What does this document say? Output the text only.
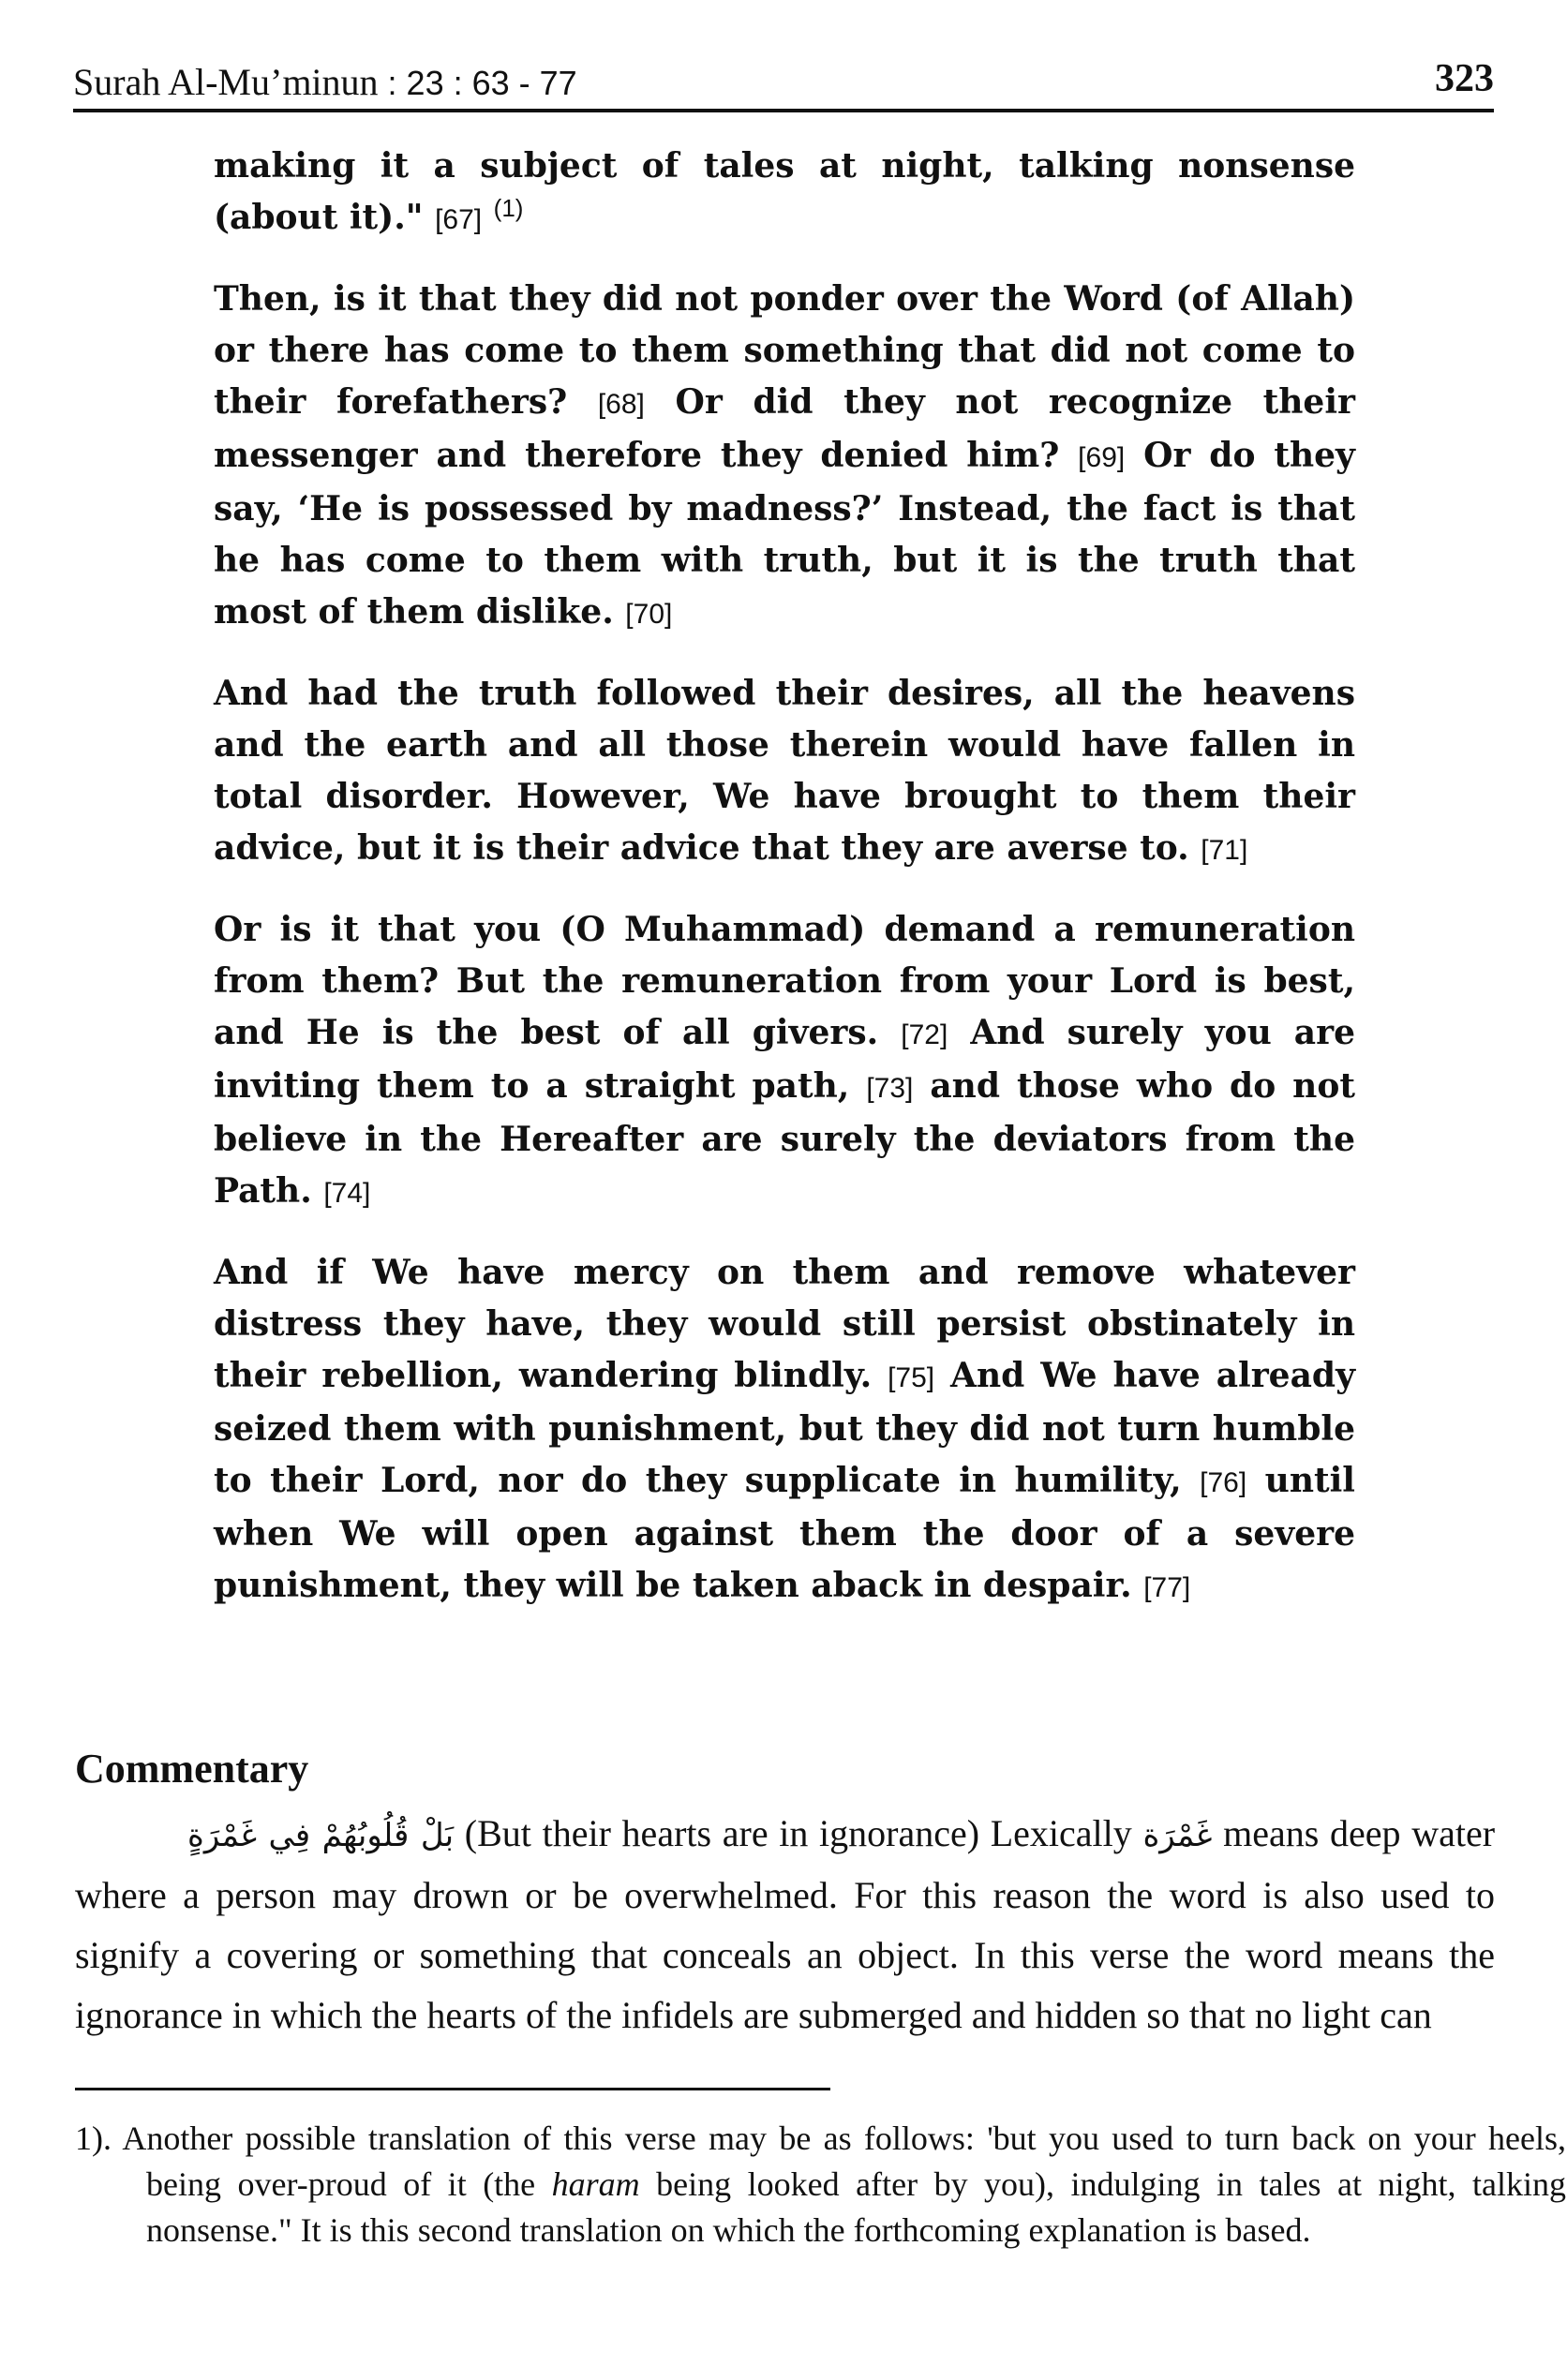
Surah Al-Mu’minun : 23 : 63 - 77	323

making it a subject of tales at night, talking nonsense (about it)." [67] $^{(1)}$

Then, is it that they did not ponder over the Word (of Allah) or there has come to them something that did not come to their forefathers? [68] Or did they not recognize their messenger and therefore they denied him? [69] Or do they say, ‘He is possessed by madness?’ Instead, the fact is that he has come to them with truth, but it is the truth that most of them dislike. [70]

And had the truth followed their desires, all the heavens and the earth and all those therein would have fallen in total disorder. However, We have brought to them their advice, but it is their advice that they are averse to. [71]

Or is it that you (O Muhammad) demand a remuneration from them? But the remuneration from your Lord is best, and He is the best of all givers. [72] And surely you are inviting them to a straight path, [73] and those who do not believe in the Hereafter are surely the deviators from the Path. [74]

And if We have mercy on them and remove whatever distress they have, they would still persist obstinately in their rebellion, wandering blindly. [75] And We have already seized them with punishment, but they did not turn humble to their Lord, nor do they supplicate in humility, [76] until when We will open against them the door of a severe punishment, they will be taken aback in despair. [77]

Commentary

بَلْ قُلُوبُهُمْ فِي غَمْرَةٍ (But their hearts are in ignorance) Lexically غَمْرَة means deep water where a person may drown or be overwhelmed. For this reason the word is also used to signify a covering or something that conceals an object. In this verse the word means the ignorance in which the hearts of the infidels are submerged and hidden so that no light can

1). Another possible translation of this verse may be as follows: 'but you used to turn back on your heels, being over-proud of it (the haram being looked after by you), indulging in tales at night, talking nonsense." It is this second translation on which the forthcoming explanation is based.
